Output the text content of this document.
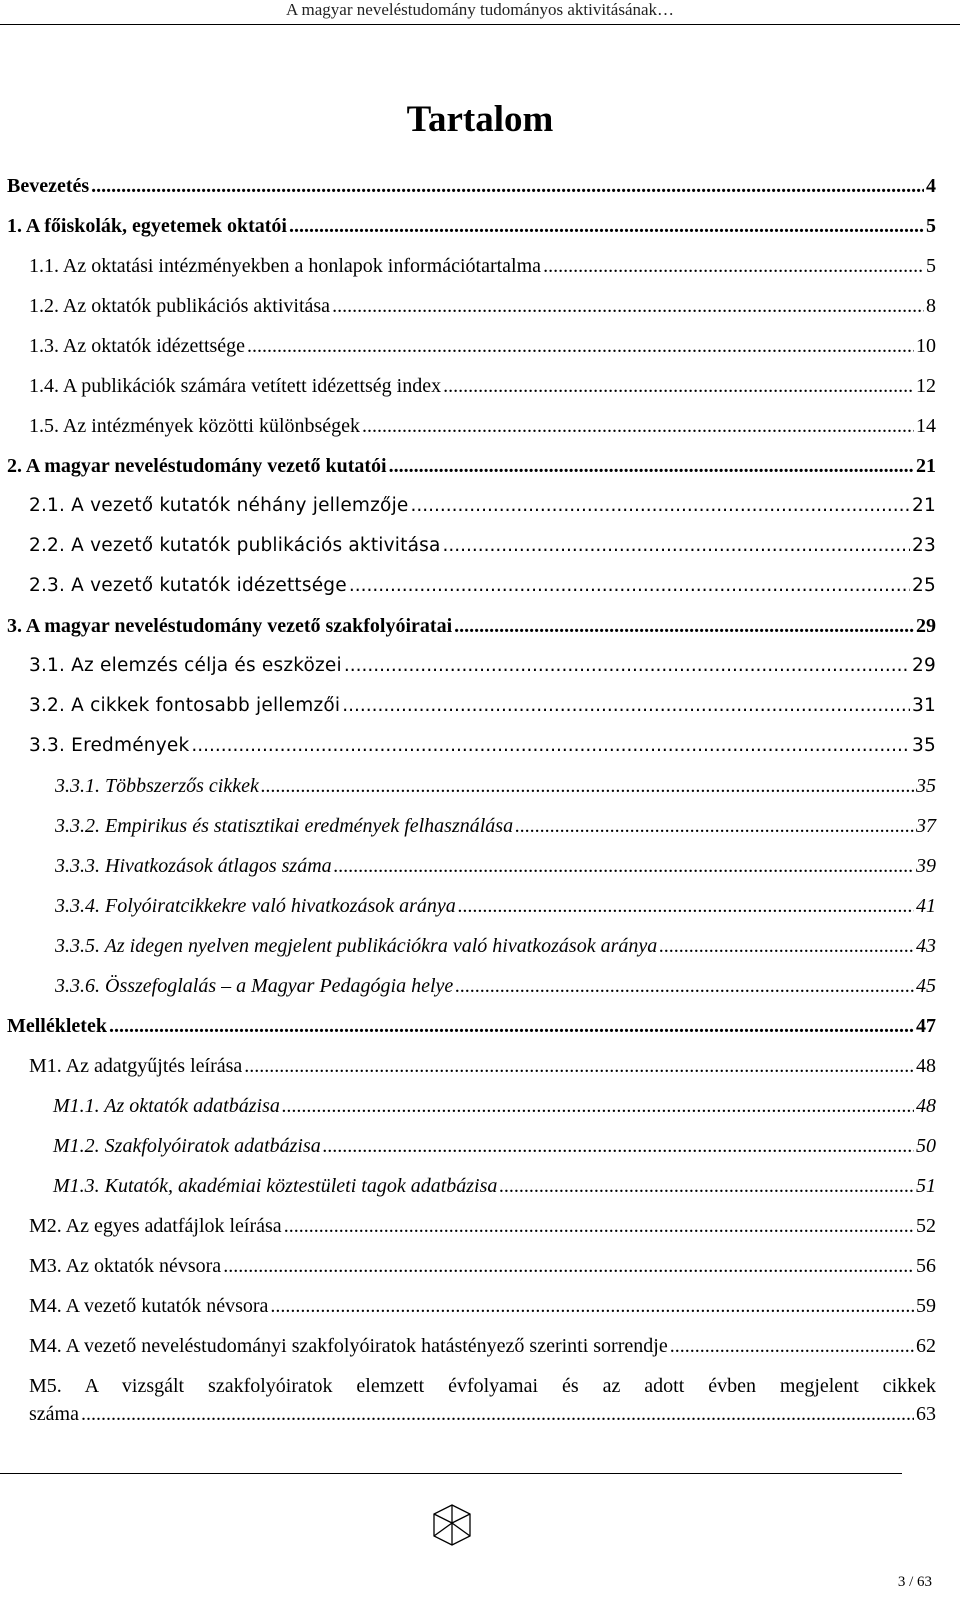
A magyar neveléstudomány tudományos aktivitásának…
Tartalom
Bevezetés .....	4
1. A főiskolák, egyetemek oktatói .....	5
1.1. Az oktatási intézményekben a honlapok információtartalma .....	5
1.2. Az oktatók publikációs aktivitása .....	8
1.3. Az oktatók idézettsége .....	10
1.4. A publikációk számára vetített idézettség index .....	12
1.5. Az intézmények közötti különbségek .....	14
2. A magyar neveléstudomány vezető kutatói .....	21
2.1. A vezető kutatók néhány jellemzője .....	21
2.2. A vezető kutatók publikációs aktivitása .....	23
2.3. A vezető kutatók idézettsége .....	25
3. A magyar neveléstudomány vezető szakfolyóiratai .....	29
3.1. Az elemzés célja és eszközei .....	29
3.2. A cikkek fontosabb jellemzői .....	31
3.3. Eredmények .....	35
3.3.1. Többszerzős cikkek .....	35
3.3.2. Empirikus és statisztikai eredmények felhasználása .....	37
3.3.3. Hivatkozások átlagos száma .....	39
3.3.4. Folyóiratcikkekre való hivatkozások aránya .....	41
3.3.5. Az idegen nyelven megjelent publikációkra való hivatkozások aránya .....	43
3.3.6. Összefoglalás – a Magyar Pedagógia helye .....	45
Mellékletek .....	47
M1. Az adatgyűjtés leírása .....	48
M1.1. Az oktatók adatbázisa .....	48
M1.2. Szakfolyóiratok adatbázisa .....	50
M1.3. Kutatók, akadémiai köztestületi tagok adatbázisa .....	51
M2. Az egyes adatfájlok leírása .....	52
M3. Az oktatók névsora .....	56
M4. A vezető kutatók névsora .....	59
M4. A vezető neveléstudományi szakfolyóiratok hatástényező szerinti sorrendje .....	62
M5. A vizsgált szakfolyóiratok elemzett évfolyamai és az adott évben megjelent cikkek
száma .....	63
3 / 63
